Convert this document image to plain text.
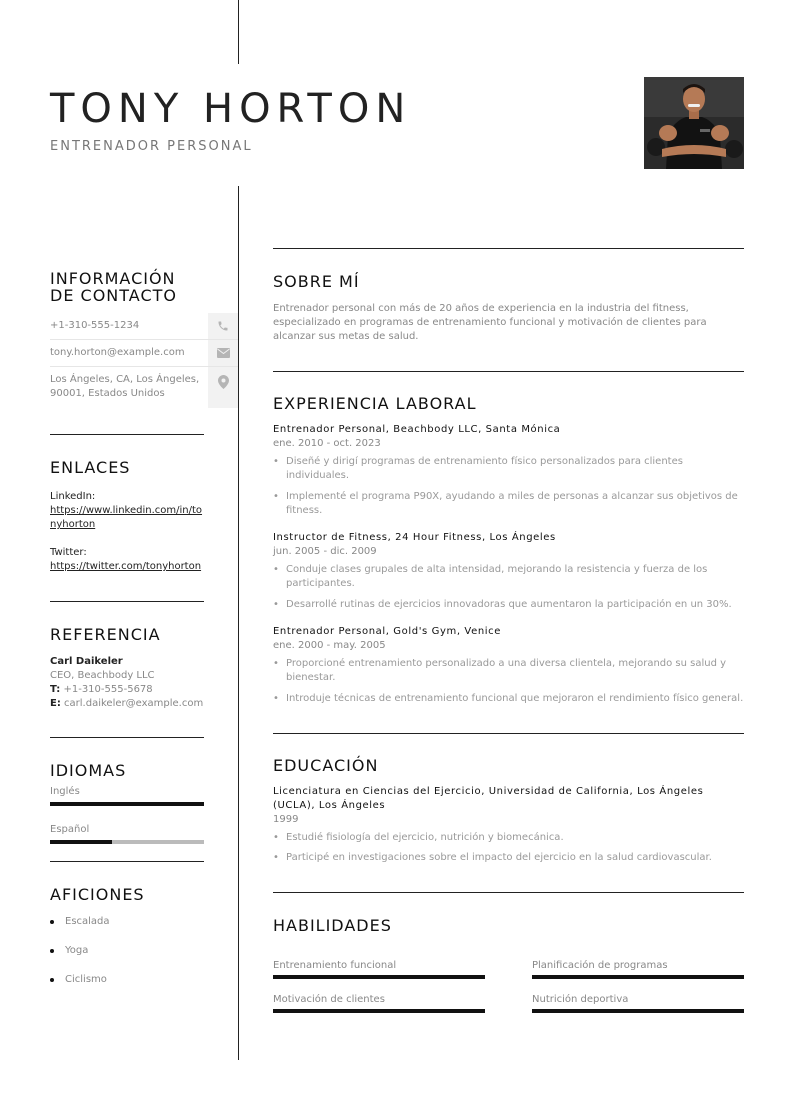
TONY HORTON
ENTRENADOR PERSONAL
INFORMACIÓN
DE CONTACTO
+1-310-555-1234
tony.horton@example.com
Los Ángeles, CA, Los Ángeles, 90001, Estados Unidos
ENLACES
LinkedIn:
https://www.linkedin.com/in/tonyhorton
Twitter:
https://twitter.com/tonyhorton
REFERENCIA
Carl Daikeler
CEO, Beachbody LLC
T: +1-310-555-5678
E: carl.daikeler@example.com
IDIOMAS
Inglés
Español
AFICIONES
Escalada
Yoga
Ciclismo
SOBRE MÍ

Entrenador personal con más de 20 años de experiencia en la industria del fitness, especializado en programas de entrenamiento funcional y motivación de clientes para alcanzar sus metas de salud.

EXPERIENCIA LABORAL
Entrenador Personal, Beachbody LLC, Santa Mónica
ene. 2010 - oct. 2023
• Diseñé y dirigí programas de entrenamiento físico personalizados para clientes individuales.
• Implementé el programa P90X, ayudando a miles de personas a alcanzar sus objetivos de fitness.
Instructor de Fitness, 24 Hour Fitness, Los Ángeles
jun. 2005 - dic. 2009
• Conduje clases grupales de alta intensidad, mejorando la resistencia y fuerza de los participantes.
• Desarrollé rutinas de ejercicios innovadoras que aumentaron la participación en un 30%.
Entrenador Personal, Gold's Gym, Venice
ene. 2000 - may. 2005
• Proporcioné entrenamiento personalizado a una diversa clientela, mejorando su salud y bienestar.
• Introduje técnicas de entrenamiento funcional que mejoraron el rendimiento físico general.
EDUCACIÓN
Licenciatura en Ciencias del Ejercicio, Universidad de California, Los Ángeles (UCLA), Los Ángeles
1999
• Estudié fisiología del ejercicio, nutrición y biomecánica.
• Participé en investigaciones sobre el impacto del ejercicio en la salud cardiovascular.
HABILIDADES
Entrenamiento funcional	Planificación de programas
Motivación de clientes	Nutrición deportiva
